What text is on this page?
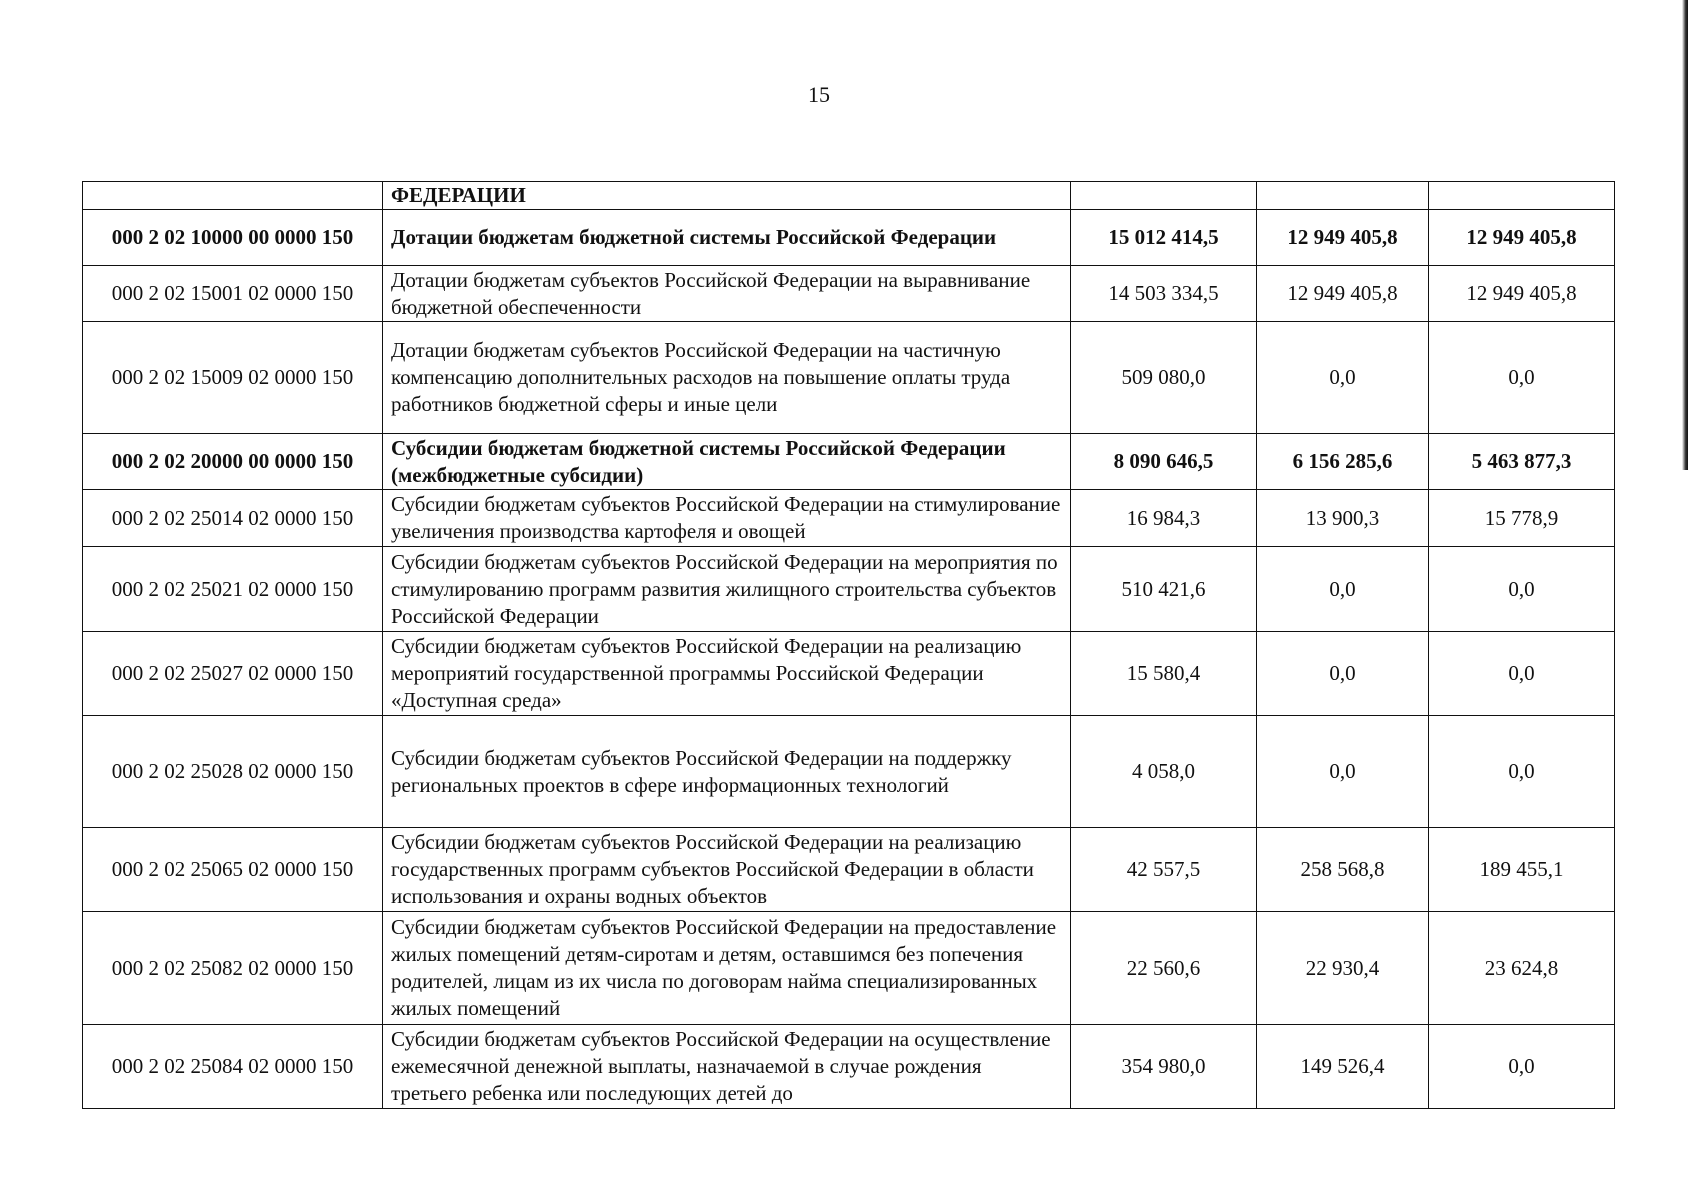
15
	ФЕДЕРАЦИИ			
000 2 02 10000 00 0000 150	Дотации бюджетам бюджетной системы Российской Федерации	15 012 414,5	12 949 405,8	12 949 405,8
000 2 02 15001 02 0000 150	Дотации бюджетам субъектов Российской Федерации на выравнивание бюджетной обеспеченности	14 503 334,5	12 949 405,8	12 949 405,8
000 2 02 15009 02 0000 150	Дотации бюджетам субъектов Российской Федерации на частичную компенсацию дополнительных расходов на повышение оплаты труда работников бюджетной сферы и иные цели	509 080,0	0,0	0,0
000 2 02 20000 00 0000 150	Субсидии бюджетам бюджетной системы Российской Федерации (межбюджетные субсидии)	8 090 646,5	6 156 285,6	5 463 877,3
000 2 02 25014 02 0000 150	Субсидии бюджетам субъектов Российской Федерации на стимулирование увеличения производства картофеля и овощей	16 984,3	13 900,3	15 778,9
000 2 02 25021 02 0000 150	Субсидии бюджетам субъектов Российской Федерации на мероприятия по стимулированию программ развития жилищного строительства субъектов Российской Федерации	510 421,6	0,0	0,0
000 2 02 25027 02 0000 150	Субсидии бюджетам субъектов Российской Федерации на реализацию мероприятий государственной программы Российской Федерации «Доступная среда»	15 580,4	0,0	0,0
000 2 02 25028 02 0000 150	Субсидии бюджетам субъектов Российской Федерации на поддержку региональных проектов в сфере информационных технологий	4 058,0	0,0	0,0
000 2 02 25065 02 0000 150	Субсидии бюджетам субъектов Российской Федерации на реализацию государственных программ субъектов Российской Федерации в области использования и охраны водных объектов	42 557,5	258 568,8	189 455,1
000 2 02 25082 02 0000 150	Субсидии бюджетам субъектов Российской Федерации на предоставление жилых помещений детям-сиротам и детям, оставшимся без попечения родителей, лицам из их числа по договорам найма специализированных жилых помещений	22 560,6	22 930,4	23 624,8
000 2 02 25084 02 0000 150	Субсидии бюджетам субъектов Российской Федерации на осуществление ежемесячной денежной выплаты, назначаемой в случае рождения третьего ребенка или последующих детей до	354 980,0	149 526,4	0,0
